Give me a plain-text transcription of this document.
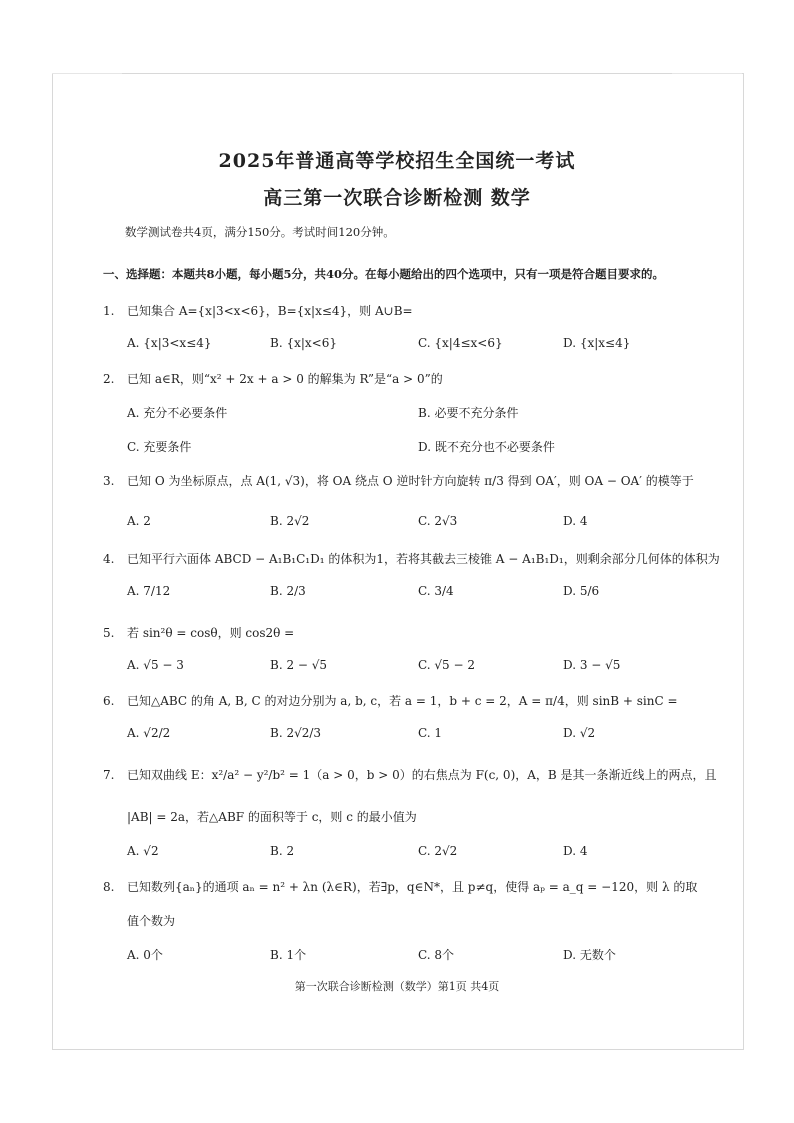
2025年普通高等学校招生全国统一考试
高三第一次联合诊断检测 数学
数学测试卷共4页，满分150分。考试时间120分钟。
一、选择题：本题共8小题，每小题5分，共40分。在每小题给出的四个选项中，只有一项是符合题目要求的。
1. 已知集合 A={x|3<x<6}，B={x|x≤4}，则 A∪B=
A. {x|3<x≤4}	B. {x|x<6}	C. {x|4≤x<6}	D. {x|x≤4}
2. 已知 a∈R，则“x² + 2x + a > 0 的解集为 R”是“a > 0”的
A. 充分不必要条件	B. 必要不充分条件
C. 充要条件	D. 既不充分也不必要条件
3. 已知 O 为坐标原点，点 A(1, √3)，将 OA 绕点 O 逆时针方向旋转 π/3 得到 OA′，则 OA − OA′ 的模等于
A. 2	B. 2√2	C. 2√3	D. 4
4. 已知平行六面体 ABCD − A₁B₁C₁D₁ 的体积为1，若将其截去三棱锥 A − A₁B₁D₁，则剩余部分几何体的体积为
A. 7/12	B. 2/3	C. 3/4	D. 5/6
5. 若 sin²θ = cosθ，则 cos2θ =
A. √5 − 3	B. 2 − √5	C. √5 − 2	D. 3 − √5
6. 已知△ABC 的角 A, B, C 的对边分别为 a, b, c，若 a = 1，b + c = 2，A = π/4，则 sinB + sinC =
A. √2/2	B. 2√2/3	C. 1	D. √2
7. 已知双曲线 E：x²/a² − y²/b² = 1（a > 0，b > 0）的右焦点为 F(c, 0)，A，B 是其一条渐近线上的两点，且
|AB| = 2a，若△ABF 的面积等于 c，则 c 的最小值为
A. √2	B. 2	C. 2√2	D. 4
8. 已知数列{aₙ}的通项 aₙ = n² + λn (λ∈R)，若∃p，q∈N*，且 p≠q，使得 aₚ = a_q = −120，则 λ 的取
值个数为
A. 0个	B. 1个	C. 8个	D. 无数个
第一次联合诊断检测（数学）第1页 共4页
